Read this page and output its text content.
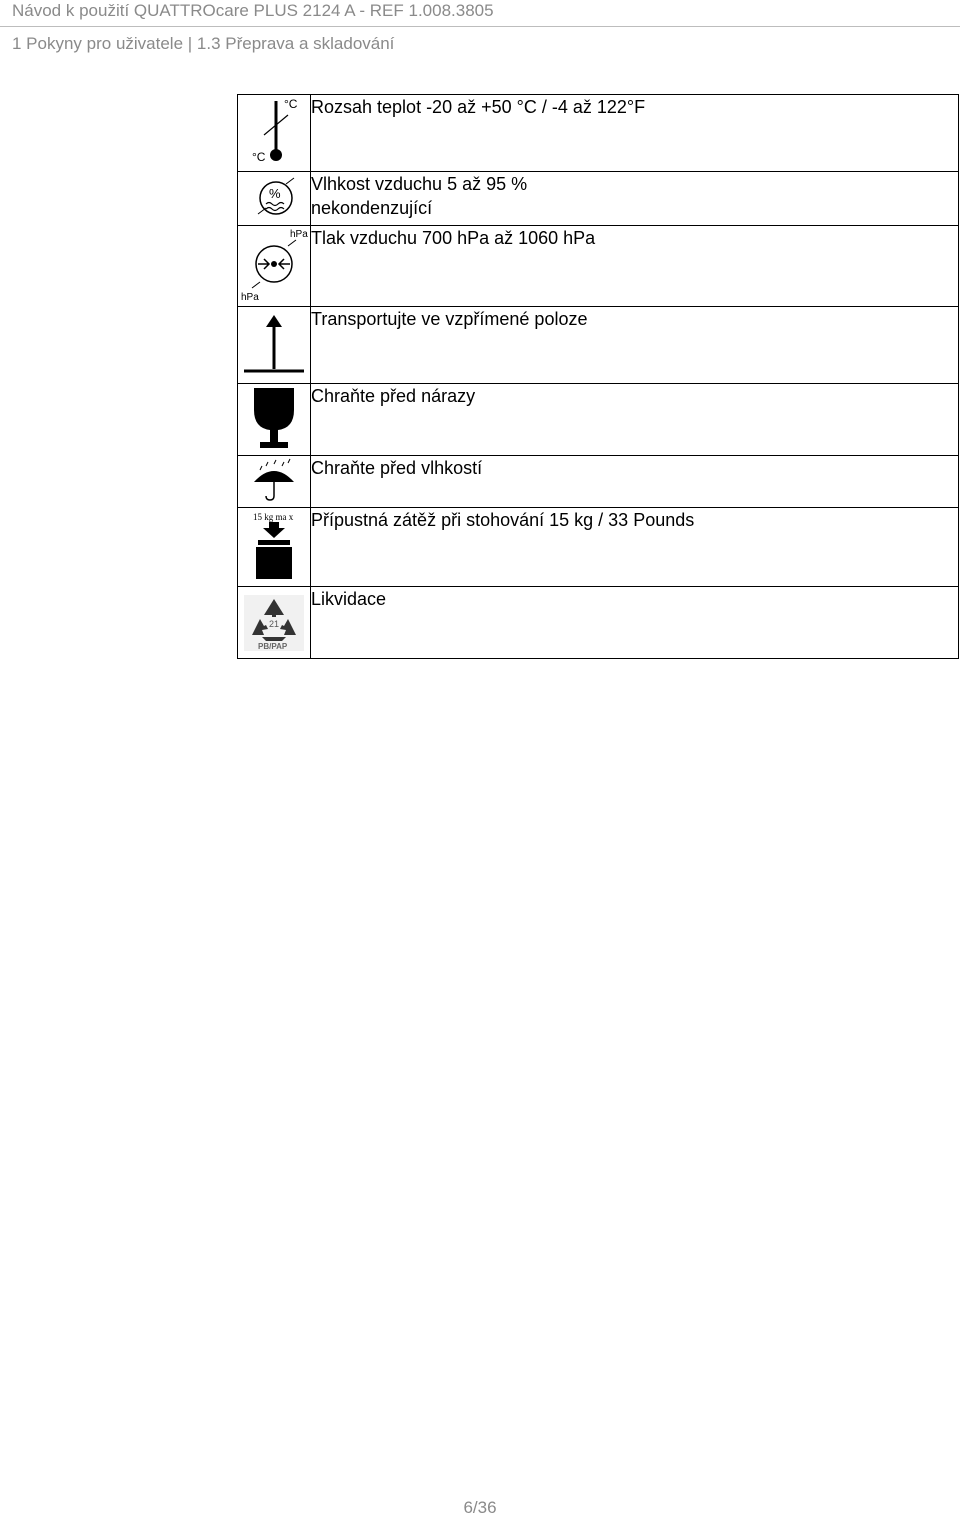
Návod k použití QUATTROcare PLUS 2124 A - REF 1.008.3805
1 Pokyny pro uživatele | 1.3 Přeprava a skladování
°C
°C	Rozsah teplot -20 až +50 °C / -4 až 122°F

%	Vlhkost vzduchu 5 až 95 %
nekondenzující

hPa
hPa	Tlak vzduchu 700 hPa až 1060 hPa

	Transportujte ve vzpřímené poloze

	Chraňte před nárazy

	Chraňte před vlhkostí

15 kg ma x	Přípustná zátěž při stohování 15 kg / 33 Pounds

21
PB/PAP	Likvidace
6/36
